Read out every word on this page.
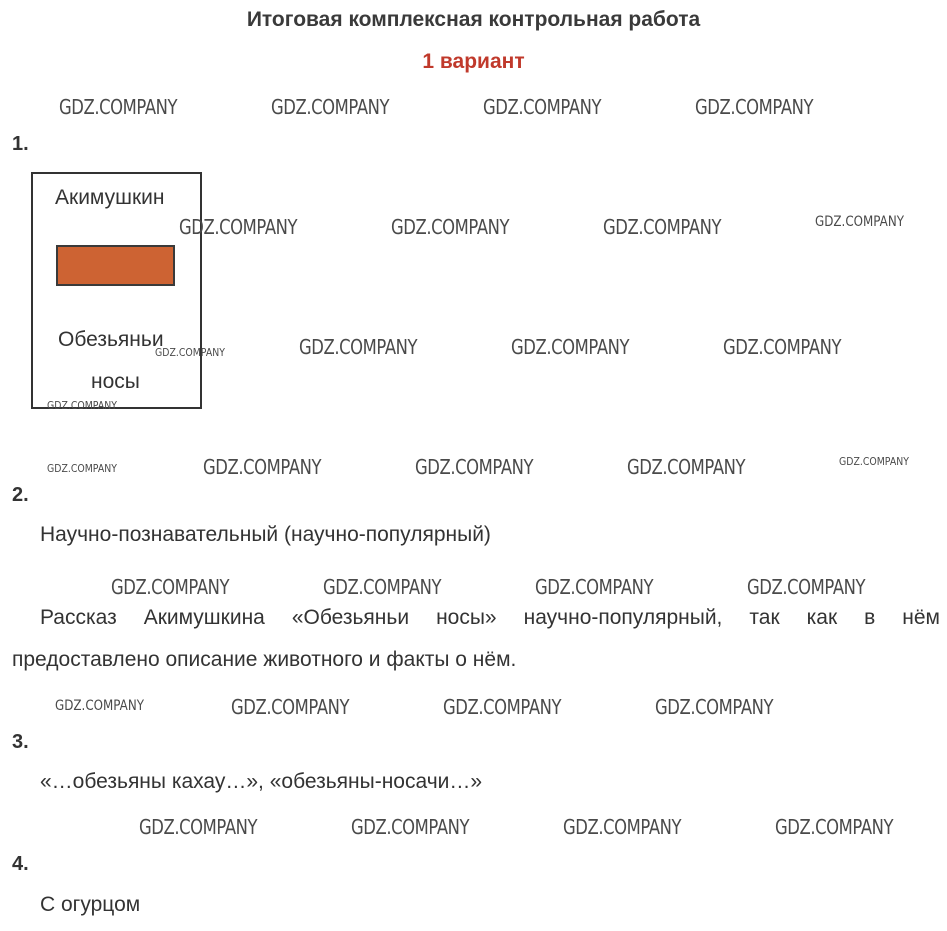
Итоговая комплексная контрольная работа
1 вариант
1.
Акимушкин
Обезьяньи
носы
2.
Научно-познавательный (научно-популярный)
Рассказ Акимушкина «Обезьяньи носы» научно-популярный, так как в нём
предоставлено описание животного и факты о нём.
3.
«…обезьяны кахау…», «обезьяны-носачи…»
4.
С огурцом
GDZ.COMPANY	GDZ.COMPANY	GDZ.COMPANY	GDZ.COMPANY
GDZ.COMPANY	GDZ.COMPANY	GDZ.COMPANY	GDZ.COMPANY
GDZ.COMPANY	GDZ.COMPANY	GDZ.COMPANY	GDZ.COMPANY
GDZ.COMPANY
GDZ.COMPANY	GDZ.COMPANY	GDZ.COMPANY	GDZ.COMPANY	GDZ.COMPANY
GDZ.COMPANY	GDZ.COMPANY	GDZ.COMPANY	GDZ.COMPANY
GDZ.COMPANY	GDZ.COMPANY	GDZ.COMPANY	GDZ.COMPANY
GDZ.COMPANY	GDZ.COMPANY	GDZ.COMPANY	GDZ.COMPANY
